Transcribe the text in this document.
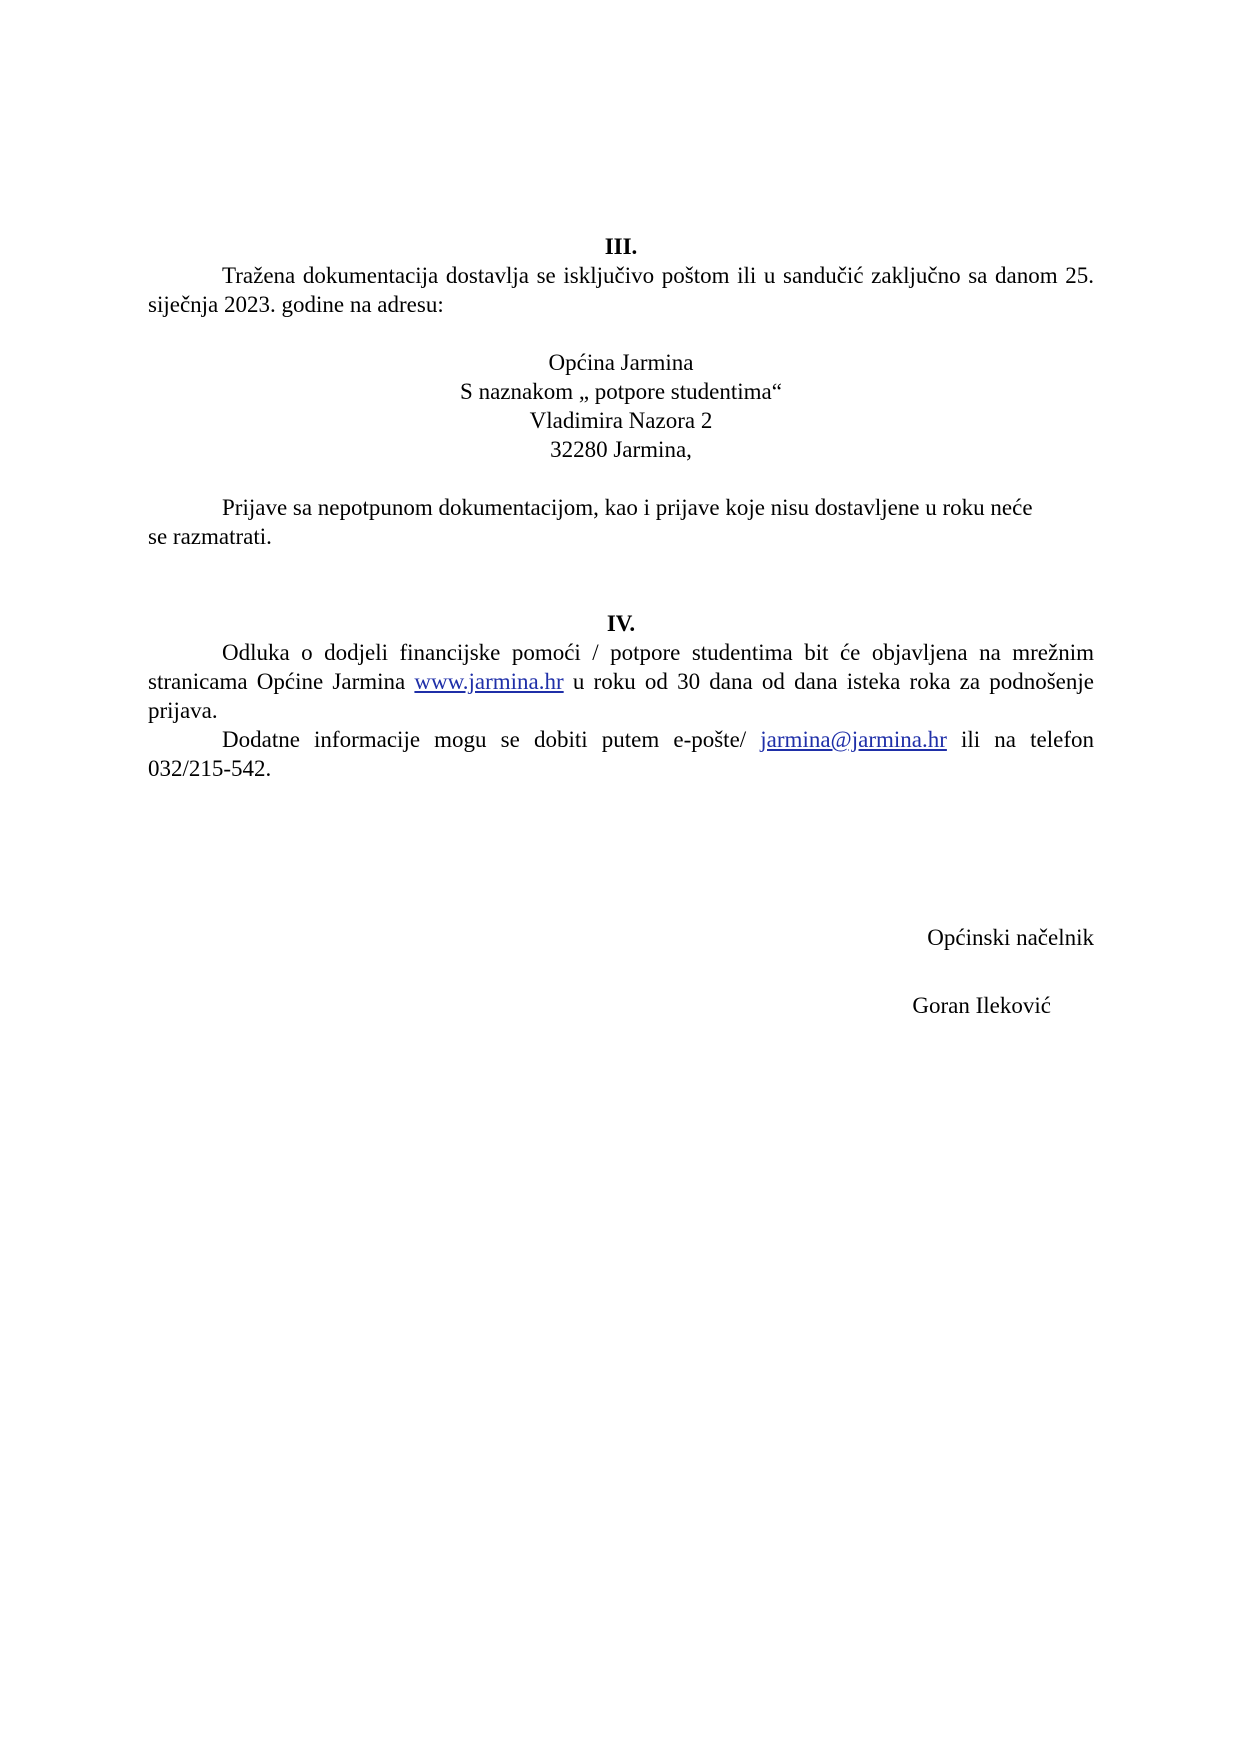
III.

Tražena dokumentacija dostavlja se isključivo poštom ili u sandučić zaključno sa danom 25. siječnja 2023. godine na adresu:

Općina Jarmina
S naznakom „ potpore studentima“
Vladimira Nazora 2
32280 Jarmina,

Prijave sa nepotpunom dokumentacijom, kao i prijave koje nisu dostavljene u roku neće se razmatrati.

IV.

Odluka o dodjeli financijske pomoći / potpore studentima bit će objavljena na mrežnim stranicama Općine Jarmina www.jarmina.hr u roku od 30 dana od dana isteka roka za podnošenje prijava.

Dodatne informacije mogu se dobiti putem e-pošte/ jarmina@jarmina.hr ili na telefon 032/215-542.

Općinski načelnik
Goran Ileković
